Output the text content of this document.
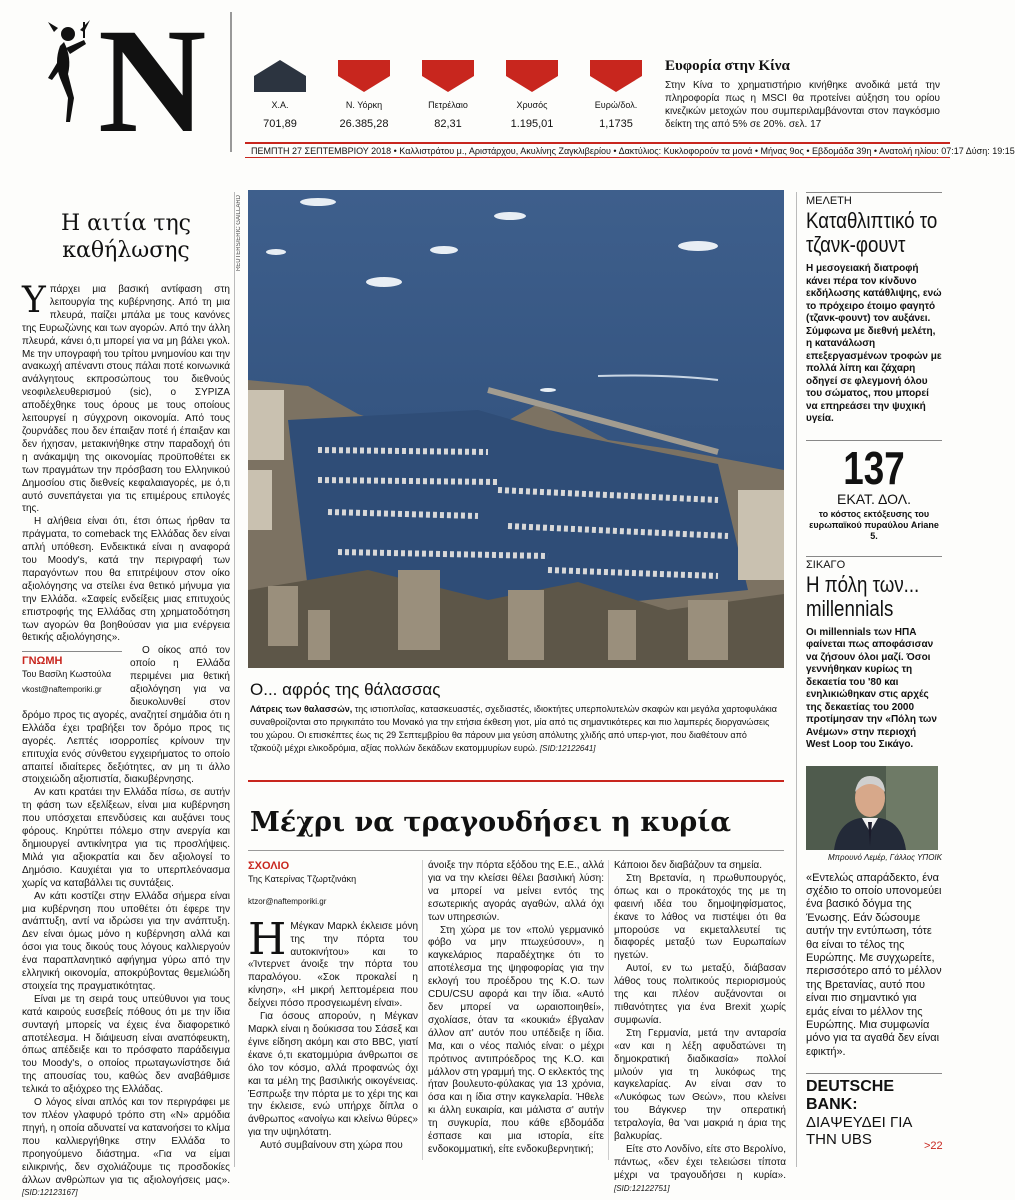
N	Χ.Α.
701,89
Ν. Υόρκη
26.385,28
Πετρέλαιο
82,31
Χρυσός
1.195,01
Ευρώ/δολ.
1,1735
Ευφορία στην Κίνα

Στην Κίνα το χρηματιστήριο κινήθηκε ανοδικά μετά την πληροφορία πως η MSCI θα προτείνει αύξηση του ορίου κινεζικών μετοχών που συμπεριλαμβάνονται στον παγκόσμιο δείκτη της από 5% σε 20%. σελ. 17

ΠΕΜΠΤΗ 27 ΣΕΠΤΕΜΒΡΙΟΥ 2018 • Καλλιστράτου μ., Αριστάρχου, Ακυλίνης Ζαγκλιβερίου • Δακτύλιος: Κυκλοφορούν τα μονά • Μήνας 9ος • Εβδομάδα 39η • Ανατολή ηλίου: 07:17 Δύση: 19:15
Η αιτία της καθήλωσης

Υπάρχει μια βασική αντίφαση στη λειτουργία της κυβέρνησης. Από τη μια πλευρά, παίζει μπάλα με τους κανόνες της Ευρωζώνης και των αγορών. Από την άλλη πλευρά, κάνει ό,τι μπορεί για να μη βάλει γκολ. Με την υπογραφή του τρίτου μνημονίου και την ανακωχή απέναντι στους πάλαι ποτέ κοινωνικά ανάλγητους εκπροσώπους του διεθνούς νεοφιλελευθερισμού (sic), ο ΣΥΡΙΖΑ αποδέχθηκε τους όρους με τους οποίους λειτουργεί η σύγχρονη οικονομία. Από τους ζουρνάδες που δεν έπαιξαν ποτέ ή έπαιξαν και δεν ήχησαν, μετακινήθηκε στην παραδοχή ότι η ανάκαμψη της οικονομίας προϋποθέτει εκ των πραγμάτων την πρόσβαση του Ελληνικού Δημοσίου στις διεθνείς κεφαλαιαγορές, με ό,τι αυτό συνεπάγεται για τις επιμέρους επιλογές της.

Η αλήθεια είναι ότι, έτσι όπως ήρθαν τα πράγματα, το comeback της Ελλάδας δεν είναι απλή υπόθεση. Ενδεικτικά είναι η αναφορά του Moody's, κατά την περιγραφή των παραγόντων που θα επιτρέψουν στον οίκο αξιολόγησης να στείλει ένα θετικό μήνυμα για την Ελλάδα. «Σαφείς ενδείξεις μιας επιτυχούς επιστροφής της Ελλάδας στη χρηματοδότηση των αγορών θα βοηθούσαν για μια ενέργεια θετικής αξιολόγησης».

ΓΝΩΜΗ
Του Βασίλη Κωστούλα
vkost@naftemporiki.gr

Ο οίκος από τον οποίο η Ελλάδα περιμένει μια θετική αξιολόγηση για να διευκολυνθεί στον δρόμο προς τις αγορές, αναζητεί σημάδια ότι η Ελλάδα έχει τραβήξει τον δρόμο προς τις αγορές. Λεπτές ισορροπίες κρίνουν την επιτυχία ενός σύνθετου εγχειρήματος το οποίο απαιτεί ιδιαίτερες δεξιότητες, αν μη τι άλλο στοιχειώδη αξιοπιστία, διακυβέρνησης.

Αν κατι κρατάει την Ελλάδα πίσω, σε αυτήν τη φάση των εξελίξεων, είναι μια κυβέρνηση που υπόσχεται επενδύσεις και αυξάνει τους φόρους. Κηρύττει πόλεμο στην ανεργία και δημιουργεί αντικίνητρα για τις προσλήψεις. Μιλά για αξιοκρατία και δεν αξιολογεί το Δημόσιο. Καυχιέται για το υπερπλεόνασμα χωρίς να καταβάλλει τις συντάξεις.

Αν κάτι κοστίζει στην Ελλάδα σήμερα είναι μια κυβέρνηση που υποθέτει ότι έφερε την ανάπτυξη, αντί να ιδρώσει για την ανάπτυξη. Δεν είναι όμως μόνο η κυβέρνηση αλλά και όσοι για τους δικούς τους λόγους καλλιεργούν ένα παραπλανητικό αφήγημα γύρω από την ελληνική οικονομία, αποκρύβοντας θεμελιώδη στοιχεία της πραγματικότητας.

Είναι με τη σειρά τους υπεύθυνοι για τους κατά καιρούς ευσεβείς πόθους ότι με την ίδια συνταγή μπορείς να έχεις ένα διαφορετικό αποτέλεσμα. Η διάψευση είναι αναπόφευκτη, όπως απέδειξε και το πρόσφατο παράδειγμα του Moody's, ο οποίος πρωταγωνίστησε διά της απουσίας του, καθώς δεν αναβάθμισε τελικά το αξιόχρεο της Ελλάδας.

Ο λόγος είναι απλός και τον περιγράφει με τον πλέον γλαφυρό τρόπο στη «Ν» αρμόδια πηγή, η οποία αδυνατεί να κατανοήσει το κλίμα που καλλιεργήθηκε στην Ελλάδα το προηγούμενο διάστημα. «Για να είμαι ειλικρινής, δεν σχολιάζουμε τις προσδοκίες άλλων ανθρώπων για τις αξιολογήσεις μας». [SID:12123167]

REUTERS/ERIC GAILLARD
Ο... αφρός της θάλασσας
Λάτρεις των θαλασσών, της ιστιοπλοΐας, κατασκευαστές, σχεδιαστές, ιδιοκτήτες υπερπολυτελών σκαφών και μεγάλα χαρτοφυλάκια συναθροίζονται στο πριγκιπάτο του Μονακό για την ετήσια έκθεση γιοτ, μία από τις σημαντικότερες και πιο λαμπερές διοργανώσεις του χώρου. Οι επισκέπτες έως τις 29 Σεπτεμβρίου θα πάρουν μια γεύση απόλυτης χλιδής από υπερ-γιοτ, που διαθέτουν από τζακούζι μέχρι ελικοδρόμια, αξίας πολλών δεκάδων εκατομμυρίων ευρώ. [SID:12122641]
Μέχρι να τραγουδήσει η κυρία
ΣΧΟΛΙΟ
Της Κατερίνας Τζωρτζινάκη
ktzor@naftemporiki.gr

Η Μέγκαν Μαρκλ έκλεισε μόνη της την πόρτα του αυτοκινήτου» και το «Ίντερνετ άνοιξε την πόρτα του παραλόγου. «Σοκ προκαλεί η κίνηση», «Η μικρή λεπτομέρεια που δείχνει πόσο προσγειωμένη είναι».

Για όσους απορούν, η Μέγκαν Μαρκλ είναι η δούκισσα του Σάσεξ και έγινε είδηση ακόμη και στο BBC, γιατί έκανε ό,τι εκατομμύρια άνθρωποι σε όλο τον κόσμο, αλλά προφανώς όχι και τα μέλη της βασιλικής οικογένειας. Έσπρωξε την πόρτα με το χέρι της και την έκλεισε, ενώ υπήρχε δίπλα ο άνθρωπος «ανοίγω και κλείνω θύρες» για την υψηλότατη.

Αυτό συμβαίνουν στη χώρα που

άνοιξε την πόρτα εξόδου της Ε.Ε., αλλά για να την κλείσει θέλει βασιλική λύση: να μπορεί να μείνει εντός της εσωτερικής αγοράς αγαθών, αλλά όχι των υπηρεσιών.

Στη χώρα με τον «πολύ γερμανικό φόβο να μην πτωχεύσουν», η καγκελάριος παραδέχτηκε ότι το αποτέλεσμα της ψηφοφορίας για την εκλογή του προέδρου της Κ.Ο. των CDU/CSU αφορά και την ίδια. «Αυτό δεν μπορεί να ωραιοποιηθεί», σχολίασε, όταν τα «κουκιά» έβγαλαν άλλον απ' αυτόν που υπέδειξε η ίδια. Μα, και ο νέος παλιός είναι: ο μέχρι πρότινος αντιπρόεδρος της Κ.Ο. και μάλλον στη γραμμή της. Ο εκλεκτός της ήταν βουλευτο-φύλακας για 13 χρόνια, όσα και η ίδια στην καγκελαρία. Ήθελε κι άλλη ευκαιρία, και μάλιστα σ' αυτήν τη συγκυρία, που κάθε εβδομάδα έσπασε και μια ιστορία, είτε ενδοκομματική, είτε ενδοκυβερνητική;

Κάποιοι δεν διαβάζουν τα σημεία.

Στη Βρετανία, η πρωθυπουργός, όπως και ο προκάτοχός της με τη φαεινή ιδέα του δημοψηφίσματος, έκανε το λάθος να πιστέψει ότι θα μπορούσε να εκμεταλλευτεί τις διαφορές μεταξύ των Ευρωπαίων ηγετών.

Αυτοί, εν τω μεταξύ, διάβασαν λάθος τους πολιτικούς περιορισμούς της και πλέον αυξάνονται οι πιθανότητες για ένα Brexit χωρίς συμφωνία.

Στη Γερμανία, μετά την ανταρσία «αν και η λέξη αφυδατώνει τη δημοκρατική διαδικασία» πολλοί μιλούν για τη λυκόφως της καγκελαρίας. Αν είναι σαν το «Λυκόφως των Θεών», που κλείνει του Βάγκνερ την οπερατική τετραλογία, θα 'ναι μακριά η άρια της βαλκυρίας.

Είτε στο Λονδίνο, είτε στο Βερολίνο, πάντως, «δεν έχει τελειώσει τίποτα μέχρι να τραγουδήσει η κυρία». [SID:12122751]

ΜΕΛΕΤΗ
Καταθλιπτικό το τζανκ-φουντ
Η μεσογειακή διατροφή κάνει πέρα τον κίνδυνο εκδήλωσης κατάθλιψης, ενώ το πρόχειρο έτοιμο φαγητό (τζανκ-φουντ) τον αυξάνει. Σύμφωνα με διεθνή μελέτη, η κατανάλωση επεξεργασμένων τροφών με πολλά λίπη και ζάχαρη οδηγεί σε φλεγμονή όλου του σώματος, που μπορεί να επηρεάσει την ψυχική υγεία.
137
ΕΚΑΤ. ΔΟΛ.
το κόστος εκτόξευσης του ευρωπαϊκού πυραύλου Ariane 5.
ΣΙΚΑΓΟ
Η πόλη των... millennials
Οι millennials των ΗΠΑ φαίνεται πως αποφάσισαν να ζήσουν όλοι μαζί. Όσοι γεννήθηκαν κυρίως τη δεκαετία του '80 και ενηλικιώθηκαν στις αρχές της δεκαετίας του 2000 προτίμησαν την «Πόλη των Ανέμων» στην περιοχή West Loop του Σικάγο.
Μπρουνό Λεμέρ, Γάλλος ΥΠΟΙΚ
«Εντελώς απαράδεκτο, ένα σχέδιο το οποίο υπονομεύει ένα βασικό δόγμα της Ένωσης. Εάν δώσουμε αυτήν την εντύπωση, τότε θα είναι το τέλος της Ευρώπης. Με συγχωρείτε, περισσότερο από το μέλλον της Βρετανίας, αυτό που είναι πιο σημαντικό για εμάς είναι το μέλλον της Ευρώπης. Μια συμφωνία μόνο για τα αγαθά δεν είναι εφικτή».
DEUTSCHE BANK:
ΔΙΑΨΕΥΔΕΙ ΓΙΑ ΤΗΝ UBS	>22
